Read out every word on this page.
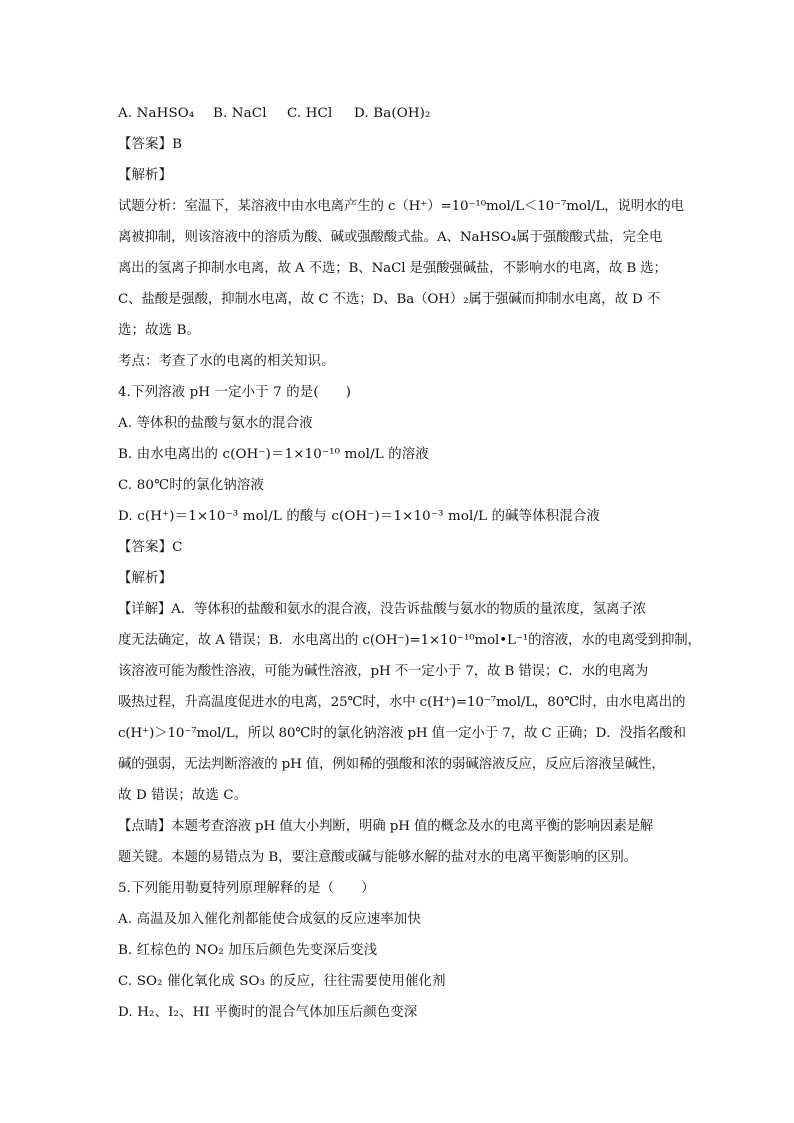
A. NaHSO₄ B. NaCl C. HCl D. Ba(OH)₂
【答案】B
【解析】
试题分析：室温下，某溶液中由水电离产生的 c（H⁺）=10⁻¹⁰mol/L＜10⁻⁷mol/L，说明水的电
离被抑制，则该溶液中的溶质为酸、碱或强酸酸式盐。A、NaHSO₄属于强酸酸式盐，完全电
离出的氢离子抑制水电离，故 A 不选；B、NaCl 是强酸强碱盐，不影响水的电离，故 B 选；
C、盐酸是强酸，抑制水电离，故 C 不选；D、Ba（OH）₂属于强碱而抑制水电离，故 D 不
选；故选 B。
考点：考查了水的电离的相关知识。
4.下列溶液 pH 一定小于 7 的是(　　)
A. 等体积的盐酸与氨水的混合液
B. 由水电离出的 c(OH⁻)＝1×10⁻¹⁰ mol/L 的溶液
C. 80℃时的氯化钠溶液
D. c(H⁺)＝1×10⁻³ mol/L 的酸与 c(OH⁻)＝1×10⁻³ mol/L 的碱等体积混合液
【答案】C
【解析】
【详解】A．等体积的盐酸和氨水的混合液，没告诉盐酸与氨水的物质的量浓度，氢离子浓
度无法确定，故 A 错误；B．水电离出的 c(OH⁻)=1×10⁻¹⁰mol•L⁻¹的溶液，水的电离受到抑制，
该溶液可能为酸性溶液，可能为碱性溶液，pH 不一定小于 7，故 B 错误；C．水的电离为
吸热过程，升高温度促进水的电离，25℃时，水中 c(H⁺)=10⁻⁷mol/L，80℃时，由水电离出的
c(H⁺)＞10⁻⁷mol/L，所以 80℃时的氯化钠溶液 pH 值一定小于 7，故 C 正确；D．没指名酸和
碱的强弱，无法判断溶液的 pH 值，例如稀的强酸和浓的弱碱溶液反应，反应后溶液呈碱性，
故 D 错误；故选 C。
【点睛】本题考查溶液 pH 值大小判断，明确 pH 值的概念及水的电离平衡的影响因素是解
题关键。本题的易错点为 B，要注意酸或碱与能够水解的盐对水的电离平衡影响的区别。
5.下列能用勒夏特列原理解释的是（　　）
A. 高温及加入催化剂都能使合成氨的反应速率加快
B. 红棕色的 NO₂ 加压后颜色先变深后变浅
C. SO₂ 催化氧化成 SO₃ 的反应，往往需要使用催化剂
D. H₂、I₂、HI 平衡时的混合气体加压后颜色变深
